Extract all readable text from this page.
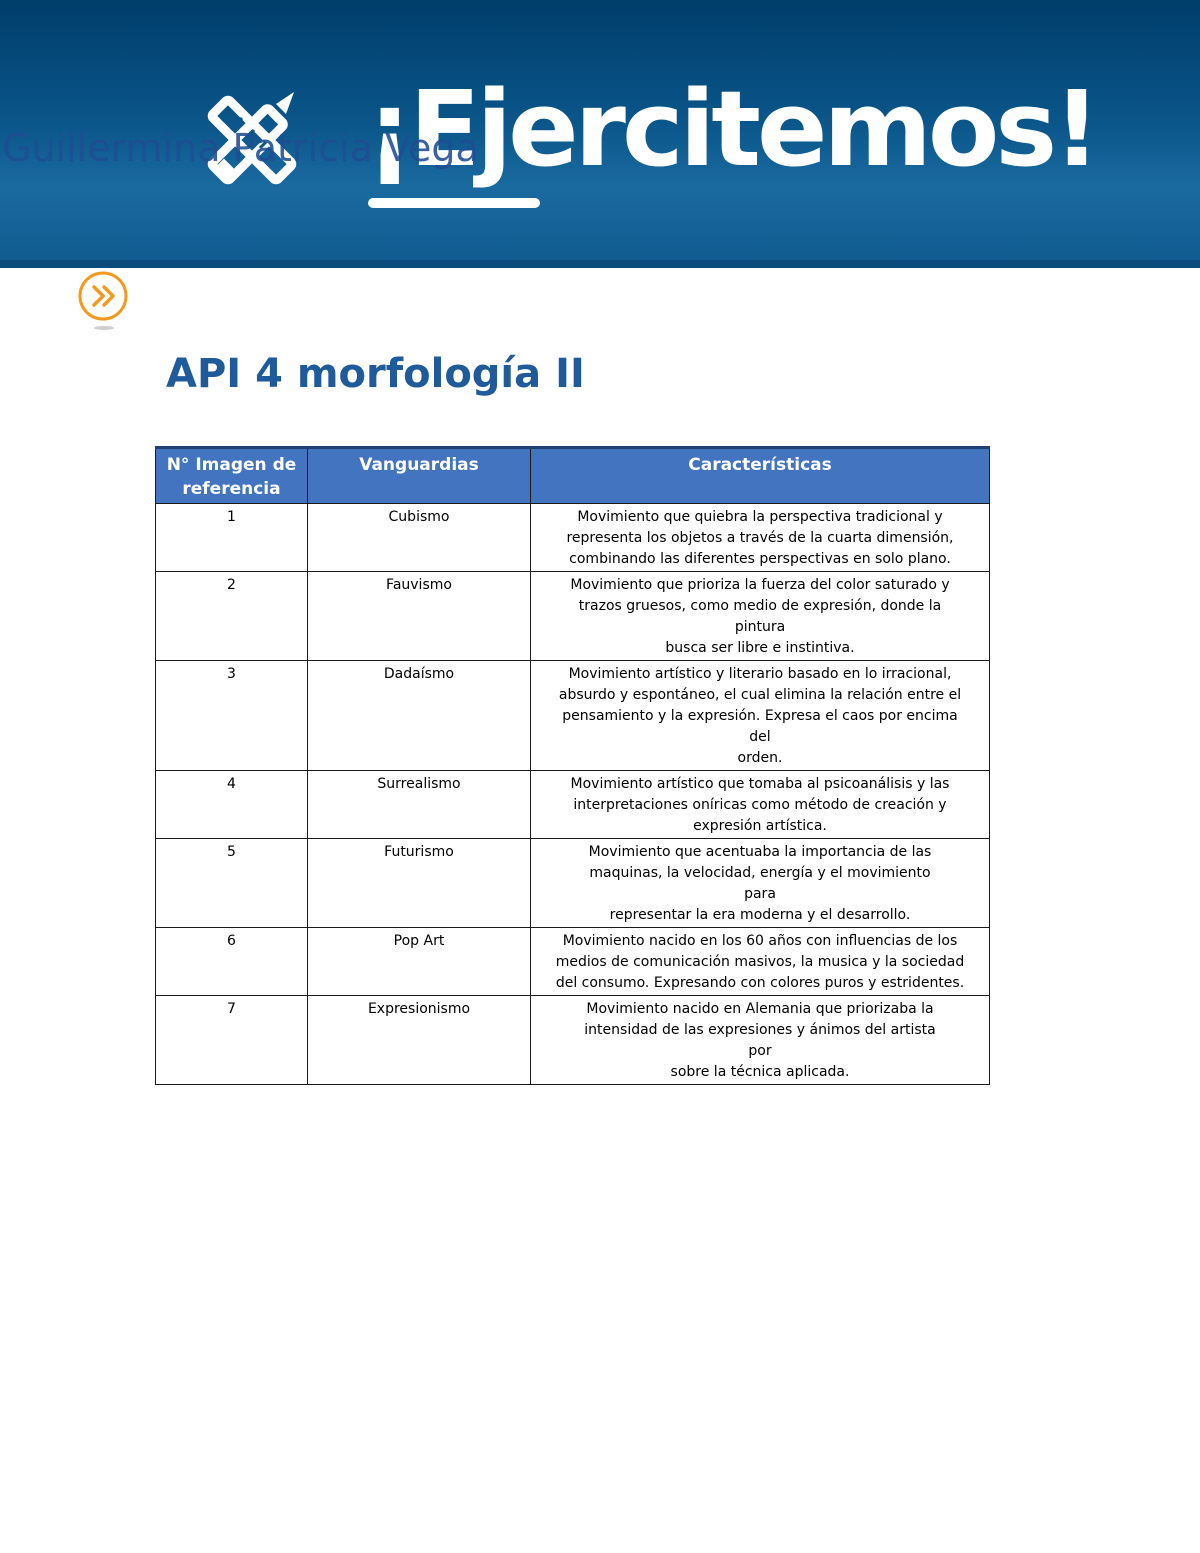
¡Ejercitemos!
Guillermina Patricia Vega
API 4 morfología II
N° Imagen de referencia	Vanguardias	Características
1	Cubismo	Movimiento que quiebra la perspectiva tradicional y
representa los objetos a través de la cuarta dimensión,
combinando las diferentes perspectivas en solo plano.
2	Fauvismo	Movimiento que prioriza la fuerza del color saturado y
trazos gruesos, como medio de expresión, donde la
pintura
busca ser libre e instintiva.
3	Dadaísmo	Movimiento artístico y literario basado en lo irracional,
absurdo y espontáneo, el cual elimina la relación entre el
pensamiento y la expresión. Expresa el caos por encima
del
orden.
4	Surrealismo	Movimiento artístico que tomaba al psicoanálisis y las
interpretaciones oníricas como método de creación y
expresión artística.
5	Futurismo	Movimiento que acentuaba la importancia de las
maquinas, la velocidad, energía y el movimiento
para
representar la era moderna y el desarrollo.
6	Pop Art	Movimiento nacido en los 60 años con influencias de los
medios de comunicación masivos, la musica y la sociedad
del consumo. Expresando con colores puros y estridentes.
7	Expresionismo	Movimiento nacido en Alemania que priorizaba la
intensidad de las expresiones y ánimos del artista
por
sobre la técnica aplicada.
